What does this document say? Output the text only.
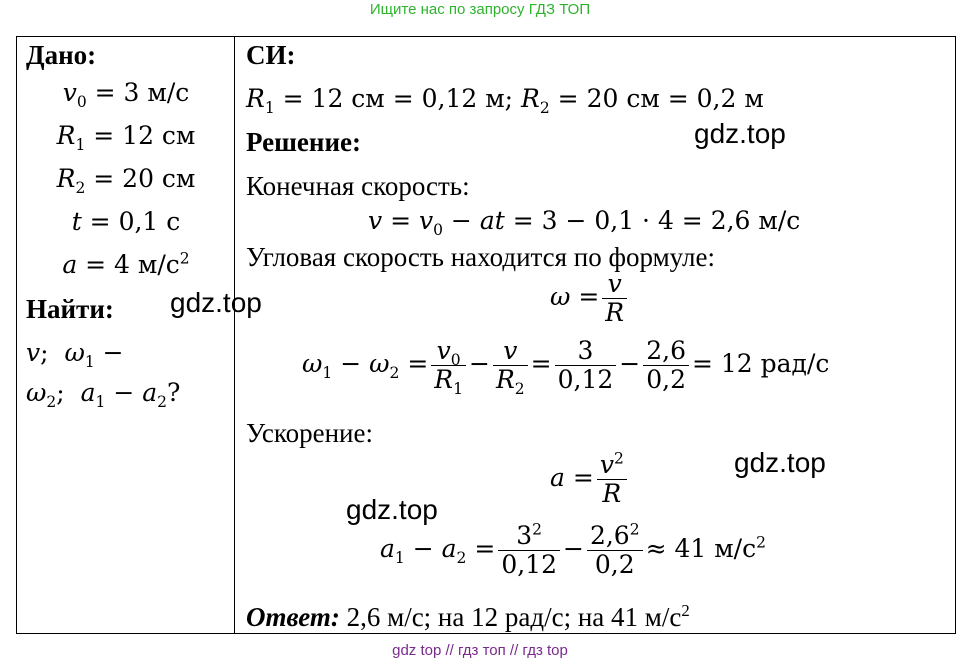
Ищите нас по запросу ГДЗ ТОП
Дано:
$v_0 = 3$ м/с
$R_1 = 12$ см
$R_2 = 20$ см
t = 0,1 с
a = 4 $м/с^2$
Найти:
v;  $\omega_1$ −
$\omega_2$;  $a_1 - a_2$?
СИ:
$R_1 = 12$ см = 0,12 м; $R_2 = 20$ см = 0,2 м
Решение:
Конечная скорость:
$v = v_0$ − at = 3 − 0,1 · 4 = 2,6 м/с
Угловая скорость находится по формуле:
$\omega = \frac{v}{R}$
$\omega_1 - \omega_2 = \frac{v_0}{R_1} - \frac{v}{R_2} = \frac{3}{0,12} - \frac{2,6}{0,2} = 12$ рад/с
Ускорение:
$a = \frac{v^2}{R}$
$a_1 - a_2 = \frac{3^2}{0,12} - \frac{2,6^2}{0,2} \approx 41$ $м/с^2$
Ответ: 2,6 м/с; на 12 рад/с; на 41 $м/с^2$
gdz.top
gdz.top
gdz.top
gdz.top
gdz top // гдз топ // гдз top
